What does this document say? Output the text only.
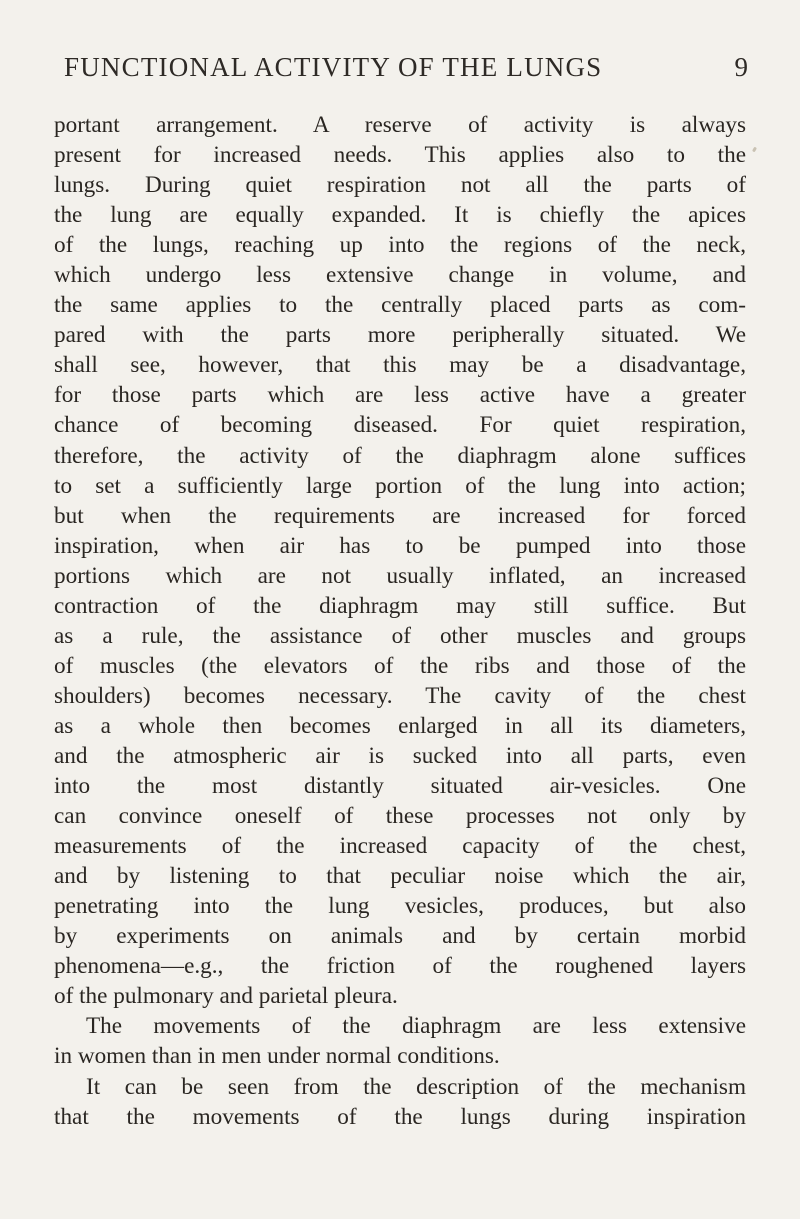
FUNCTIONAL ACTIVITY OF THE LUNGS	9
portant arrangement. A reserve of activity is always
present for increased needs. This applies also to the
lungs. During quiet respiration not all the parts of
the lung are equally expanded. It is chiefly the apices
of the lungs, reaching up into the regions of the neck,
which undergo less extensive change in volume, and
the same applies to the centrally placed parts as com-
pared with the parts more peripherally situated. We
shall see, however, that this may be a disadvantage,
for those parts which are less active have a greater
chance of becoming diseased. For quiet respiration,
therefore, the activity of the diaphragm alone suffices
to set a sufficiently large portion of the lung into action;
but when the requirements are increased for forced
inspiration, when air has to be pumped into those
portions which are not usually inflated, an increased
contraction of the diaphragm may still suffice. But
as a rule, the assistance of other muscles and groups
of muscles (the elevators of the ribs and those of the
shoulders) becomes necessary. The cavity of the chest
as a whole then becomes enlarged in all its diameters,
and the atmospheric air is sucked into all parts, even
into the most distantly situated air-vesicles. One
can convince oneself of these processes not only by
measurements of the increased capacity of the chest,
and by listening to that peculiar noise which the air,
penetrating into the lung vesicles, produces, but also
by experiments on animals and by certain morbid
phenomena—e.g., the friction of the roughened layers
of the pulmonary and parietal pleura.
The movements of the diaphragm are less extensive
in women than in men under normal conditions.
It can be seen from the description of the mechanism
that the movements of the lungs during inspiration
